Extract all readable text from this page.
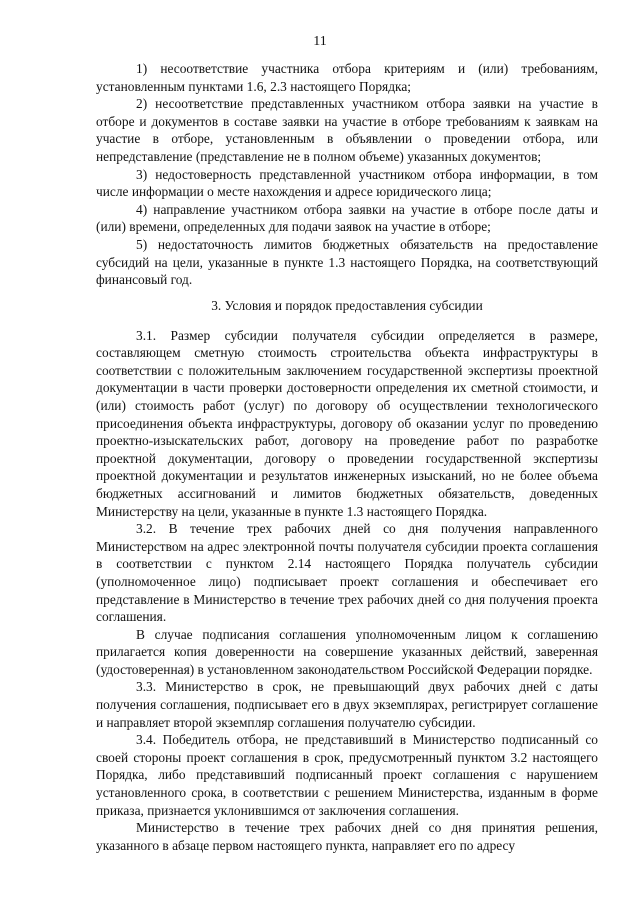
11

1) несоответствие участника отбора критериям и (или) требованиям, установленным пунктами 1.6, 2.3 настоящего Порядка;

2) несоответствие представленных участником отбора заявки на участие в отборе и документов в составе заявки на участие в отборе требованиям к заявкам на участие в отборе, установленным в объявлении о проведении отбора, или непредставление (представление не в полном объеме) указанных документов;

3) недостоверность представленной участником отбора информации, в том числе информации о месте нахождения и адресе юридического лица;

4) направление участником отбора заявки на участие в отборе после даты и (или) времени, определенных для подачи заявок на участие в отборе;

5) недостаточность лимитов бюджетных обязательств на предоставление субсидий на цели, указанные в пункте 1.3 настоящего Порядка, на соответствующий финансовый год.

3. Условия и порядок предоставления субсидии

3.1. Размер субсидии получателя субсидии определяется в размере, составляющем сметную стоимость строительства объекта инфраструктуры в соответствии с положительным заключением государственной экспертизы проектной документации в части проверки достоверности определения их сметной стоимости, и (или) стоимость работ (услуг) по договору об осуществлении технологического присоединения объекта инфраструктуры, договору об оказании услуг по проведению проектно-изыскательских работ, договору на проведение работ по разработке проектной документации, договору о проведении государственной экспертизы проектной документации и результатов инженерных изысканий, но не более объема бюджетных ассигнований и лимитов бюджетных обязательств, доведенных Министерству на цели, указанные в пункте 1.3 настоящего Порядка.

3.2. В течение трех рабочих дней со дня получения направленного Министерством на адрес электронной почты получателя субсидии проекта соглашения в соответствии с пунктом 2.14 настоящего Порядка получатель субсидии (уполномоченное лицо) подписывает проект соглашения и обеспечивает его представление в Министерство в течение трех рабочих дней со дня получения проекта соглашения.

В случае подписания соглашения уполномоченным лицом к соглашению прилагается копия доверенности на совершение указанных действий, заверенная (удостоверенная) в установленном законодательством Российской Федерации порядке.

3.3. Министерство в срок, не превышающий двух рабочих дней с даты получения соглашения, подписывает его в двух экземплярах, регистрирует соглашение и направляет второй экземпляр соглашения получателю субсидии.

3.4. Победитель отбора, не представивший в Министерство подписанный со своей стороны проект соглашения в срок, предусмотренный пунктом 3.2 настоящего Порядка, либо представивший подписанный проект соглашения с нарушением установленного срока, в соответствии с решением Министерства, изданным в форме приказа, признается уклонившимся от заключения соглашения.

Министерство в течение трех рабочих дней со дня принятия решения, указанного в абзаце первом настоящего пункта, направляет его по адресу
